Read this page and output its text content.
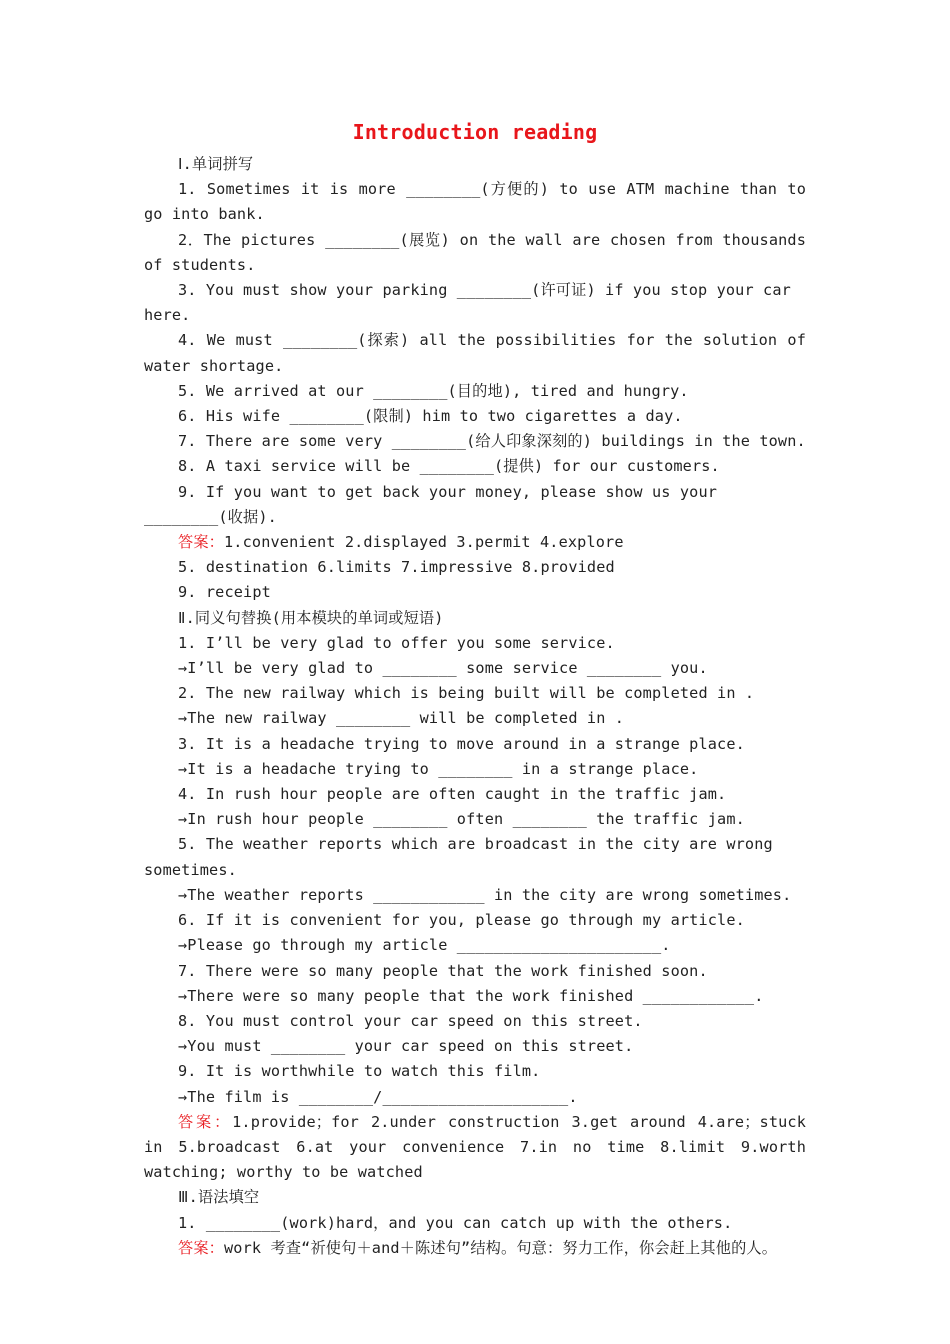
Introduction reading

Ⅰ.单词拼写

1. Sometimes it is more ________(方便的) to use ATM machine than to go into bank.

2．The pictures ________(展览) on the wall are chosen from thousands of students.

3. You must show your parking ________(许可证) if you stop your car here.

4. We must ________(探索) all the possibilities for the solution of water shortage.

5. We arrived at our ________(目的地), tired and hungry.

6. His wife ________(限制) him to two cigarettes a day.

7. There are some very ________(给人印象深刻的) buildings in the town.

8. A taxi service will be ________(提供) for our customers.

9. If you want to get back your money, please show us your ________(收据).

答案：1.convenient 2.displayed 3.permit 4.explore

5. destination 6.limits 7.impressive 8.provided

9. receipt

Ⅱ.同义句替换(用本模块的单词或短语)

1. I’ll be very glad to offer you some service.

→I’ll be very glad to ________ some service ________ you.

2. The new railway which is being built will be completed in .

→The new railway ________ will be completed in .

3. It is a headache trying to move around in a strange place.

→It is a headache trying to ________ in a strange place.

4. In rush hour people are often caught in the traffic jam.

→In rush hour people ________ often ________ the traffic jam.

5. The weather reports which are broadcast in the city are wrong sometimes.

→The weather reports ____________ in the city are wrong sometimes.

6. If it is convenient for you, please go through my article.

→Please go through my article ______________________.

7. There were so many people that the work finished soon.

→There were so many people that the work finished ____________.

8. You must control your car speed on this street.

→You must ________ your car speed on this street.

9. It is worthwhile to watch this film.

→The film is ________/____________________.

答案：1.provide；for 2.under construction 3.get around 4.are；stuck in 5.broadcast 6.at your convenience 7.in no time 8.limit 9.worth watching; worthy to be watched

Ⅲ.语法填空

1. ________(work)hard，and you can catch up with the others.

答案：work 考查“祈使句＋and＋陈述句”结构。句意：努力工作，你会赶上其他的人。
